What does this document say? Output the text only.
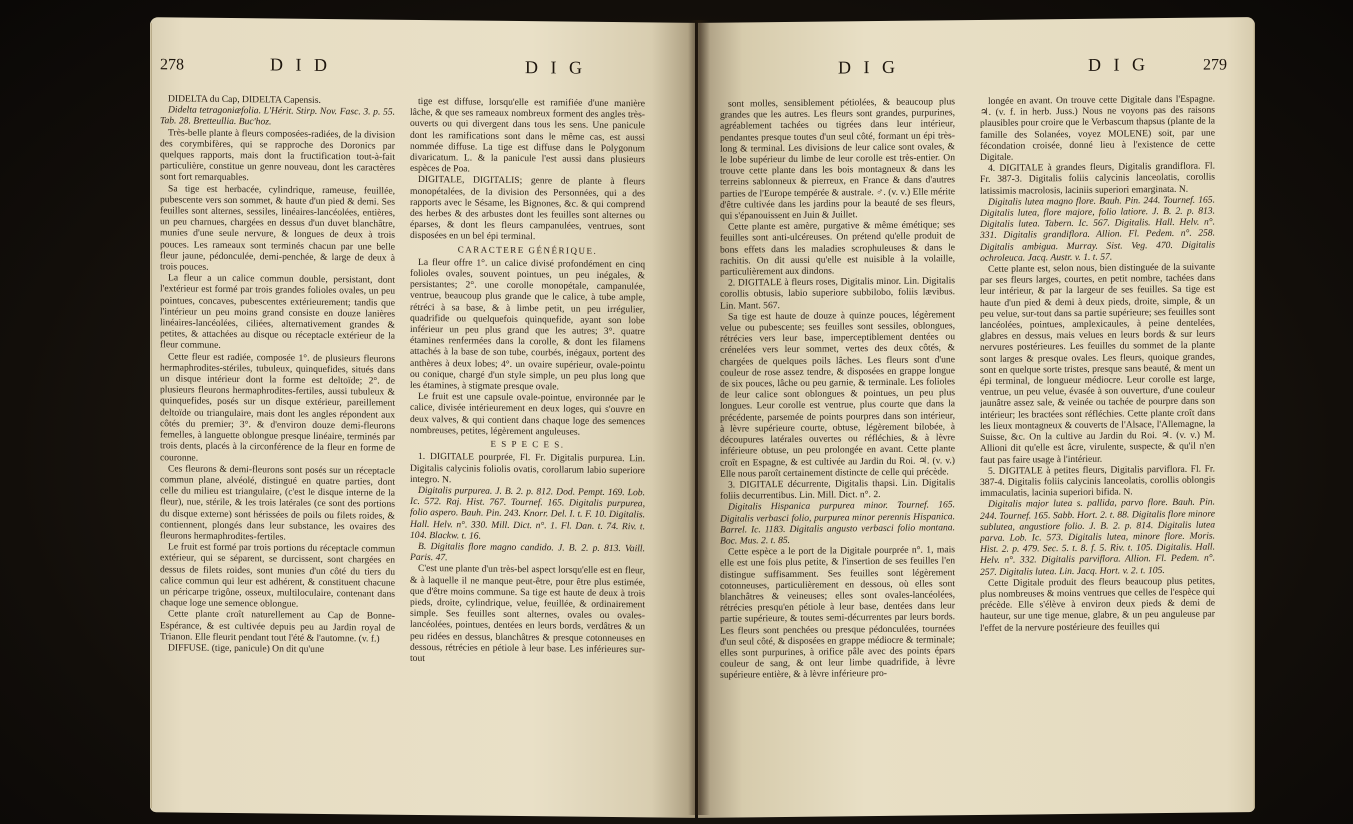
278	D I D	D I G

DIDELTA du Cap, DIDELTA Capensis.

Didelta tetragoniæfolia. L'Hérit. Stirp. Nov. Fasc. 3. p. 55. Tab. 28. Bretteullia. Buc'hoz.

Très-belle plante à fleurs composées-radiées, de la division des corymbifères, qui se rapproche des Doronics par quelques rapports, mais dont la fructification tout-à-fait particulière, constitue un genre nouveau, dont les caractères sont fort remarquables.

Sa tige est herbacée, cylindrique, rameuse, feuillée, pubescente vers son sommet, & haute d'un pied & demi. Ses feuilles sont alternes, sessiles, linéaires-lancéolées, entières, un peu charnues, chargées en dessus d'un duvet blanchâtre, munies d'une seule nervure, & longues de deux à trois pouces. Les rameaux sont terminés chacun par une belle fleur jaune, pédonculée, demi-penchée, & large de deux à trois pouces.

La fleur a un calice commun double, persistant, dont l'extérieur est formé par trois grandes folioles ovales, un peu pointues, concaves, pubescentes extérieurement; tandis que l'intérieur un peu moins grand consiste en douze lanières linéaires-lancéolées, ciliées, alternativement grandes & petites, & attachées au disque ou réceptacle extérieur de la fleur commune.

Cette fleur est radiée, composée 1°. de plusieurs fleurons hermaphrodites-stériles, tubuleux, quinquefides, situés dans un disque intérieur dont la forme est deltoïde; 2°. de plusieurs fleurons hermaphrodites-fertiles, aussi tubuleux & quinquefides, posés sur un disque extérieur, pareillement deltoïde ou triangulaire, mais dont les angles répondent aux côtés du premier; 3°. & d'environ douze demi-fleurons femelles, à languette oblongue presque linéaire, terminés par trois dents, placés à la circonférence de la fleur en forme de couronne.

Ces fleurons & demi-fleurons sont posés sur un réceptacle commun plane, alvéolé, distingué en quatre parties, dont celle du milieu est triangulaire, (c'est le disque interne de la fleur), nue, stérile, & les trois latérales (ce sont des portions du disque externe) sont hérissées de poils ou filets roides, & contiennent, plongés dans leur substance, les ovaires des fleurons hermaphrodites-fertiles.

Le fruit est formé par trois portions du réceptacle commun extérieur, qui se séparent, se durcissent, sont chargées en dessus de filets roides, sont munies d'un côté du tiers du calice commun qui leur est adhérent, & constituent chacune un péricarpe trigône, osseux, multiloculaire, contenant dans chaque loge une semence oblongue.

Cette plante croît naturellement au Cap de Bonne-Espérance, & est cultivée depuis peu au Jardin royal de Trianon. Elle fleurit pendant tout l'été & l'automne. (v. f.)

DIFFUSE. (tige, panicule) On dit qu'une

tige est diffuse, lorsqu'elle est ramifiée d'une manière lâche, & que ses rameaux nombreux forment des angles très-ouverts ou qui divergent dans tous les sens. Une panicule dont les ramifications sont dans le même cas, est aussi nommée diffuse. La tige est diffuse dans le Polygonum divaricatum. L. & la panicule l'est aussi dans plusieurs espèces de Poa.

DIGITALE, DIGITALIS; genre de plante à fleurs monopétalées, de la division des Personnées, qui a des rapports avec le Sésame, les Bignones, &c. & qui comprend des herbes & des arbustes dont les feuilles sont alternes ou éparses, & dont les fleurs campanulées, ventrues, sont disposées en un bel épi terminal.

CARACTERE GÉNÉRIQUE.

La fleur offre 1°. un calice divisé profondément en cinq folioles ovales, souvent pointues, un peu inégales, & persistantes; 2°. une corolle monopétale, campanulée, ventrue, beaucoup plus grande que le calice, à tube ample, rétréci à sa base, & à limbe petit, un peu irrégulier, quadrifide ou quelquefois quinquefide, ayant son lobe inférieur un peu plus grand que les autres; 3°. quatre étamines renfermées dans la corolle, & dont les filamens attachés à la base de son tube, courbés, inégaux, portent des anthères à deux lobes; 4°. un ovaire supérieur, ovale-pointu ou conique, chargé d'un style simple, un peu plus long que les étamines, à stigmate presque ovale.

Le fruit est une capsule ovale-pointue, environnée par le calice, divisée intérieurement en deux loges, qui s'ouvre en deux valves, & qui contient dans chaque loge des semences nombreuses, petites, légèrement anguleuses.

E S P E C E S.

1. DIGITALE pourprée, Fl. Fr. Digitalis purpurea. Lin. Digitalis calycinis foliolis ovatis, corollarum labio superiore integro. N.

Digitalis purpurea. J. B. 2. p. 812. Dod. Pempt. 169. Lob. Ic. 572. Raj. Hist. 767. Tournef. 165. Digitalis purpurea, folio aspero. Bauh. Pin. 243. Knorr. Del. I. t. F. 10. Digitalis. Hall. Helv. n°. 330. Mill. Dict. n°. 1. Fl. Dan. t. 74. Riv. t. 104. Blackw. t. 16.

B. Digitalis flore magno candido. J. B. 2. p. 813. Vaill. Paris. 47.

C'est une plante d'un très-bel aspect lorsqu'elle est en fleur, & à laquelle il ne manque peut-être, pour être plus estimée, que d'être moins commune. Sa tige est haute de deux à trois pieds, droite, cylindrique, velue, feuillée, & ordinairement simple. Ses feuilles sont alternes, ovales ou ovales-lancéolées, pointues, dentées en leurs bords, verdâtres & un peu ridées en dessus, blanchâtres & presque cotonneuses en dessous, rétrécies en pétiole à leur base. Les inférieures sur-tout

D I G	D I G	279

sont molles, sensiblement pétiolées, & beaucoup plus grandes que les autres. Les fleurs sont grandes, purpurines, agréablement tachées ou tigrées dans leur intérieur, pendantes presque toutes d'un seul côté, formant un épi très-long & terminal. Les divisions de leur calice sont ovales, & le lobe supérieur du limbe de leur corolle est très-entier. On trouve cette plante dans les bois montagneux & dans les terreins sablonneux & pierreux, en France & dans d'autres parties de l'Europe tempérée & australe. ♂. (v. v.) Elle mérite d'être cultivée dans les jardins pour la beauté de ses fleurs, qui s'épanouissent en Juin & Juillet.

Cette plante est amère, purgative & même émétique; ses feuilles sont anti-ulcéreuses. On prétend qu'elle produit de bons effets dans les maladies scrophuleuses & dans le rachitis. On dit aussi qu'elle est nuisible à la volaille, particulièrement aux dindons.

2. DIGITALE à fleurs roses, Digitalis minor. Lin. Digitalis corollis obtusis, labio superiore subbilobo, foliis lævibus. Lin. Mant. 567.

Sa tige est haute de douze à quinze pouces, légèrement velue ou pubescente; ses feuilles sont sessiles, oblongues, rétrécies vers leur base, imperceptiblement dentées ou crénelées vers leur sommet, vertes des deux côtés, & chargées de quelques poils lâches. Les fleurs sont d'une couleur de rose assez tendre, & disposées en grappe longue de six pouces, lâche ou peu garnie, & terminale. Les folioles de leur calice sont oblongues & pointues, un peu plus longues. Leur corolle est ventrue, plus courte que dans la précédente, parsemée de points pourpres dans son intérieur, à lèvre supérieure courte, obtuse, légèrement bilobée, à découpures latérales ouvertes ou réfléchies, & à lèvre inférieure obtuse, un peu prolongée en avant. Cette plante croît en Espagne, & est cultivée au Jardin du Roi. ♃. (v. v.) Elle nous paroît certainement distincte de celle qui précède.

3. DIGITALE décurrente, Digitalis thapsi. Lin. Digitalis foliis decurrentibus. Lin. Mill. Dict. n°. 2.

Digitalis Hispanica purpurea minor. Tournef. 165. Digitalis verbasci folio, purpurea minor perennis Hispanica. Barrel. Ic. 1183. Digitalis angusto verbasci folio montana. Boc. Mus. 2. t. 85.

Cette espèce a le port de la Digitale pourprée n°. 1, mais elle est une fois plus petite, & l'insertion de ses feuilles l'en distingue suffisamment. Ses feuilles sont légèrement cotonneuses, particulièrement en dessous, où elles sont blanchâtres & veineuses; elles sont ovales-lancéolées, rétrécies presqu'en pétiole à leur base, dentées dans leur partie supérieure, & toutes semi-décurrentes par leurs bords. Les fleurs sont penchées ou presque pédonculées, tournées d'un seul côté, & disposées en grappe médiocre & terminale; elles sont purpurines, à orifice pâle avec des points épars couleur de sang, & ont leur limbe quadrifide, à lèvre supérieure entière, & à lèvre inférieure pro-

longée en avant. On trouve cette Digitale dans l'Espagne. ♃. (v. f. in herb. Juss.) Nous ne voyons pas des raisons plausibles pour croire que le Verbascum thapsus (plante de la famille des Solanées, voyez MOLENE) soit, par une fécondation croisée, donné lieu à l'existence de cette Digitale.

4. DIGITALE à grandes fleurs, Digitalis grandiflora. Fl. Fr. 387-3. Digitalis foliis calycinis lanceolatis, corollis latissimis macrolosis, laciniis superiori emarginata. N.

Digitalis lutea magno flore. Bauh. Pin. 244. Tournef. 165. Digitalis lutea, flore majore, folio latiore. J. B. 2. p. 813. Digitalis lutea. Tabern. Ic. 567. Digitalis. Hall. Helv. n°. 331. Digitalis grandiflora. Allion. Fl. Pedem. n°. 258. Digitalis ambigua. Murray. Sist. Veg. 470. Digitalis ochroleuca. Jacq. Austr. v. 1. t. 57.

Cette plante est, selon nous, bien distinguée de la suivante par ses fleurs larges, courtes, en petit nombre, tachées dans leur intérieur, & par la largeur de ses feuilles. Sa tige est haute d'un pied & demi à deux pieds, droite, simple, & un peu velue, sur-tout dans sa partie supérieure; ses feuilles sont lancéolées, pointues, amplexicaules, à peine dentelées, glabres en dessus, mais velues en leurs bords & sur leurs nervures postérieures. Les feuilles du sommet de la plante sont larges & presque ovales. Les fleurs, quoique grandes, sont en quelque sorte tristes, presque sans beauté, & ment un épi terminal, de longueur médiocre. Leur corolle est large, ventrue, un peu velue, évasée à son ouverture, d'une couleur jaunâtre assez sale, & veinée ou tachée de pourpre dans son intérieur; les bractées sont réfléchies. Cette plante croît dans les lieux montagneux & couverts de l'Alsace, l'Allemagne, la Suisse, &c. On la cultive au Jardin du Roi. ♃. (v. v.) M. Allioni dit qu'elle est âcre, virulente, suspecte, & qu'il n'en faut pas faire usage à l'intérieur.

5. DIGITALE à petites fleurs, Digitalis parviflora. Fl. Fr. 387-4. Digitalis foliis calycinis lanceolatis, corollis oblongis immaculatis, lacinia superiori bifida. N.

Digitalis major lutea s. pallida, parvo flore. Bauh. Pin. 244. Tournef. 165. Sabb. Hort. 2. t. 88. Digitalis flore minore sublutea, angustiore folio. J. B. 2. p. 814. Digitalis lutea parva. Lob. Ic. 573. Digitalis lutea, minore flore. Moris. Hist. 2. p. 479. Sec. 5. t. 8. f. 5. Riv. t. 105. Digitalis. Hall. Helv. n°. 332. Digitalis parviflora. Allion. Fl. Pedem. n°. 257. Digitalis lutea. Lin. Jacq. Hort. v. 2. t. 105.

Cette Digitale produit des fleurs beaucoup plus petites, plus nombreuses & moins ventrues que celles de l'espèce qui précède. Elle s'élève à environ deux pieds & demi de hauteur, sur une tige menue, glabre, & un peu anguleuse par l'effet de la nervure postérieure des feuilles qui
